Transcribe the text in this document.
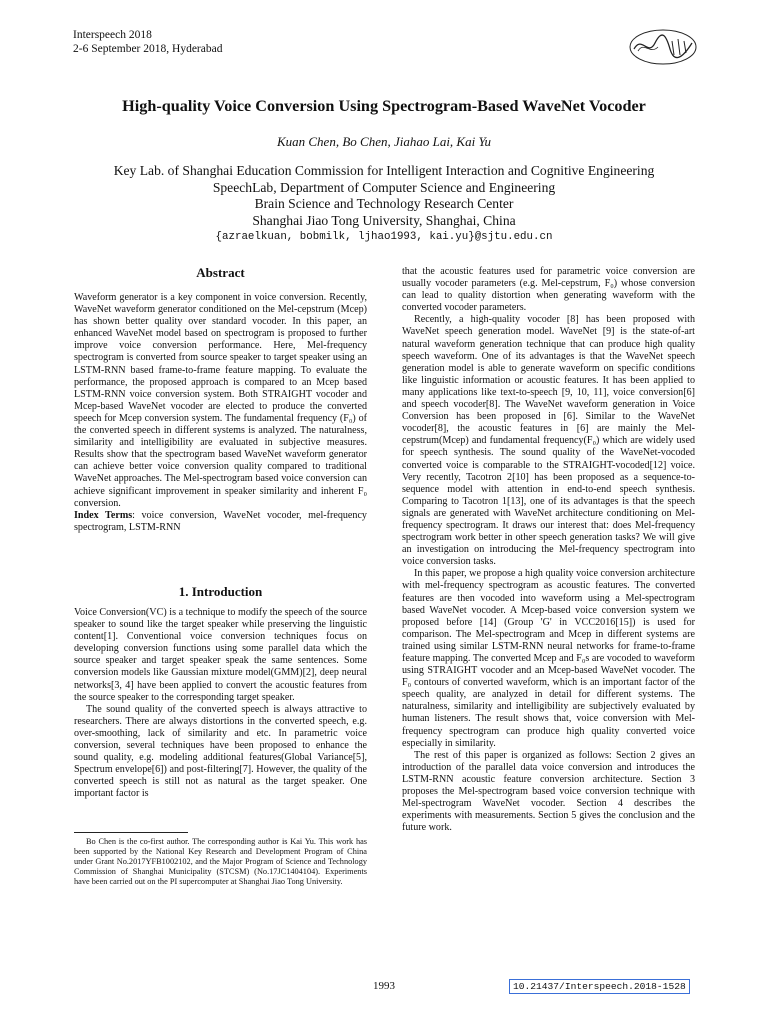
Interspeech 2018
2-6 September 2018, Hyderabad
High-quality Voice Conversion Using Spectrogram-Based WaveNet Vocoder
Kuan Chen, Bo Chen, Jiahao Lai, Kai Yu
Key Lab. of Shanghai Education Commission for Intelligent Interaction and Cognitive Engineering
SpeechLab, Department of Computer Science and Engineering
Brain Science and Technology Research Center
Shanghai Jiao Tong University, Shanghai, China
{azraelkuan, bobmilk, ljhao1993, kai.yu}@sjtu.edu.cn
Abstract

Waveform generator is a key component in voice conversion. Recently, WaveNet waveform generator conditioned on the Mel-cepstrum (Mcep) has shown better quality over standard vocoder. In this paper, an enhanced WaveNet model based on spectrogram is proposed to further improve voice conversion performance. Here, Mel-frequency spectrogram is converted from source speaker to target speaker using an LSTM-RNN based frame-to-frame feature mapping. To evaluate the performance, the proposed approach is compared to an Mcep based LSTM-RNN voice conversion system. Both STRAIGHT vocoder and Mcep-based WaveNet vocoder are elected to produce the converted speech for Mcep conversion system. The fundamental frequency (F₀) of the converted speech in different systems is analyzed. The naturalness, similarity and intelligibility are evaluated in subjective measures. Results show that the spectrogram based WaveNet waveform generator can achieve better voice conversion quality compared to traditional WaveNet approaches. The Mel-spectrogram based voice conversion can achieve significant improvement in speaker similarity and inherent F₀ conversion.

Index Terms: voice conversion, WaveNet vocoder, mel-frequency spectrogram, LSTM-RNN

1. Introduction

Voice Conversion(VC) is a technique to modify the speech of the source speaker to sound like the target speaker while preserving the linguistic content[1]. Conventional voice conversion techniques focus on developing conversion functions using some parallel data which the source speaker and target speaker speak the same sentences. Some conversion models like Gaussian mixture model(GMM)[2], deep neural networks[3, 4] have been applied to convert the acoustic features from the source speaker to the corresponding target speaker.

The sound quality of the converted speech is always attractive to researchers. There are always distortions in the converted speech, e.g. over-smoothing, lack of similarity and etc. In parametric voice conversion, several techniques have been proposed to enhance the sound quality, e.g. modeling additional features(Global Variance[5], Spectrum envelope[6]) and post-filtering[7]. However, the quality of the converted speech is still not as natural as the target speaker. One important factor is

Bo Chen is the co-first author. The corresponding author is Kai Yu. This work has been supported by the National Key Research and Development Program of China under Grant No.2017YFB1002102, and the Major Program of Science and Technology Commission of Shanghai Municipality (STCSM) (No.17JC1404104). Experiments have been carried out on the PI supercomputer at Shanghai Jiao Tong University.

that the acoustic features used for parametric voice conversion are usually vocoder parameters (e.g. Mel-cepstrum, F₀) whose conversion can lead to quality distortion when generating waveform with the converted vocoder parameters.

Recently, a high-quality vocoder [8] has been proposed with WaveNet speech generation model. WaveNet [9] is the state-of-art natural waveform generation technique that can produce high quality speech waveform. One of its advantages is that the WaveNet speech generation model is able to generate waveform on specific conditions like linguistic information or acoustic features. It has been applied to many applications like text-to-speech [9, 10, 11], voice conversion[6] and speech vocoder[8]. The WaveNet waveform generation in Voice Conversion has been proposed in [6]. Similar to the WaveNet vocoder[8], the acoustic features in [6] are mainly the Mel-cepstrum(Mcep) and fundamental frequency(F₀) which are widely used for speech synthesis. The sound quality of the WaveNet-vocoded converted voice is comparable to the STRAIGHT-vocoded[12] voice. Very recently, Tacotron 2[10] has been proposed as a sequence-to-sequence model with attention in end-to-end speech synthesis. Comparing to Tacotron 1[13], one of its advantages is that the speech signals are generated with WaveNet architecture conditioning on Mel-frequency spectrogram. It draws our interest that: does Mel-frequency spectrogram work better in other speech generation tasks? We will give an investigation on introducing the Mel-frequency spectrogram into voice conversion tasks.

In this paper, we propose a high quality voice conversion architecture with mel-frequency spectrogram as acoustic features. The converted features are then vocoded into waveform using a Mel-spectrogram based WaveNet vocoder. A Mcep-based voice conversion system we proposed before [14] (Group 'G' in VCC2016[15]) is used for comparison. The Mel-spectrogram and Mcep in different systems are trained using similar LSTM-RNN neural networks for frame-to-frame feature mapping. The converted Mcep and F₀s are vocoded to waveform using STRAIGHT vocoder and an Mcep-based WaveNet vocoder. The F₀ contours of converted waveform, which is an important factor of the speech quality, are analyzed in detail for different systems. The naturalness, similarity and intelligibility are subjectively evaluated by human listeners. The result shows that, voice conversion with Mel-frequency spectrogram can produce high quality converted voice especially in similarity.

The rest of this paper is organized as follows: Section 2 gives an introduction of the parallel data voice conversion and introduces the LSTM-RNN acoustic feature conversion architecture. Section 3 proposes the Mel-spectrogram based voice conversion technique with Mel-spectrogram WaveNet vocoder. Section 4 describes the experiments with measurements. Section 5 gives the conclusion and the future work.

1993	10.21437/Interspeech.2018-1528
